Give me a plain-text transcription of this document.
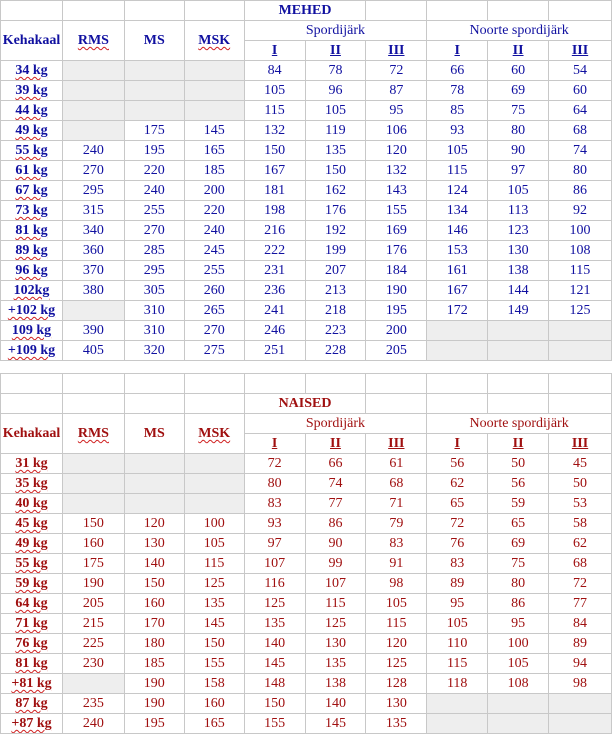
				MEHED					
Kehakaal	RMS	MS	MSK	Spordijärk			Noorte spordijärk		
				I	II	III	I	II	III
34 kg				84	78	72	66	60	54
39 kg				105	96	87	78	69	60
44 kg				115	105	95	85	75	64
49 kg		175	145	132	119	106	93	80	68
55 kg	240	195	165	150	135	120	105	90	74
61 kg	270	220	185	167	150	132	115	97	80
67 kg	295	240	200	181	162	143	124	105	86
73 kg	315	255	220	198	176	155	134	113	92
81 kg	340	270	240	216	192	169	146	123	100
89 kg	360	285	245	222	199	176	153	130	108
96 kg	370	295	255	231	207	184	161	138	115
102kg	380	305	260	236	213	190	167	144	121
+102 kg		310	265	241	218	195	172	149	125
109 kg	390	310	270	246	223	200			
+109 kg	405	320	275	251	228	205			

				NAISED					
Kehakaal	RMS	MS	MSK	Spordijärk			Noorte spordijärk		
				I	II	III	I	II	III
31 kg				72	66	61	56	50	45
35 kg				80	74	68	62	56	50
40 kg				83	77	71	65	59	53
45 kg	150	120	100	93	86	79	72	65	58
49 kg	160	130	105	97	90	83	76	69	62
55 kg	175	140	115	107	99	91	83	75	68
59 kg	190	150	125	116	107	98	89	80	72
64 kg	205	160	135	125	115	105	95	86	77
71 kg	215	170	145	135	125	115	105	95	84
76 kg	225	180	150	140	130	120	110	100	89
81 kg	230	185	155	145	135	125	115	105	94
+81 kg		190	158	148	138	128	118	108	98
87 kg	235	190	160	150	140	130			
+87 kg	240	195	165	155	145	135			
